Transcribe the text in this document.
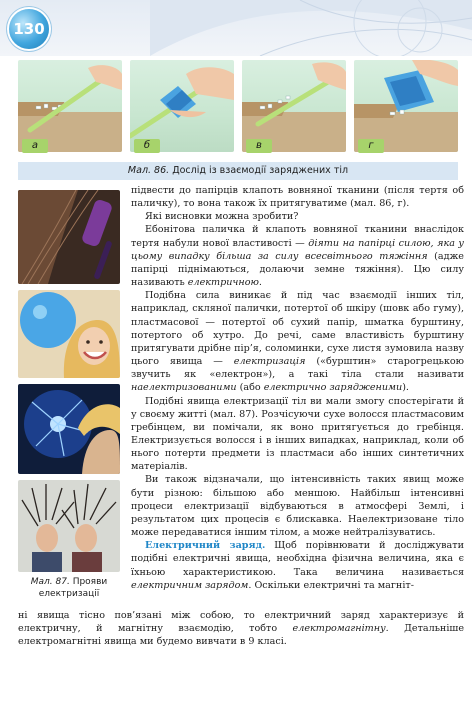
130
а	б	в	г
Мал. 86. Дослід із взаємодії заряджених тіл
Мал. 87. Прояви електризації

підвести до папірців клапоть вовняної тканини (після тертя об паличку), то вона також їх притягуватиме (мал. 86, г).

Які висновки можна зробити?

Ебонітова паличка й клапоть вовняної тканини внаслідок тертя набули нової властивості — діяти на папірці силою, яка у цьому випадку більша за силу всесвітнього тяжіння (адже папірці піднімаються, долаючи земне тяжіння). Цю силу називають електричною.

Подібна сила виникає й під час взаємодії інших тіл, наприклад, скляної палички, потертої об шкіру (шовк або гуму), пластмасової — потертої об сухий папір, шматка бурштину, потертого об хутро. До речі, саме властивість бурштину притягувати дрібне пір’я, соломинки, сухе листя зумовила назву цього явища — електризація («бурштин» старогрецькою звучить як «електрон»), а такі тіла стали називати наелектризованими (або електрично зарядженими).

Подібні явища електризації тіл ви мали змогу спостерігати й у своєму житті (мал. 87). Розчісуючи сухе волосся пластмасовим гребінцем, ви помічали, як воно притягується до гребінця. Електризується волосся і в інших випадках, наприклад, коли об нього потерти предмети із пластмаси або інших синтетичних матеріалів.

Ви також відзначали, що інтенсивність таких явищ може бути різною: більшою або меншою. Найбільш інтенсивні процеси електризації відбуваються в атмосфері Землі, і результатом цих процесів є блискавка. Наелектризоване тіло може передаватися іншим тілом, а може нейтралізуватись.

Електричний заряд. Щоб порівнювати й досліджувати подібні електричні явища, необхідна фізична величина, яка є їхньою характеристикою. Така величина називається електричним зарядом. Оскільки електричні та магніт-

ні явища тісно пов’язані між собою, то електричний заряд характеризує й електричну, й магнітну взаємодію, тобто електромагнітну. Детальніше електромагнітні явища ми будемо вивчати в 9 класі.
